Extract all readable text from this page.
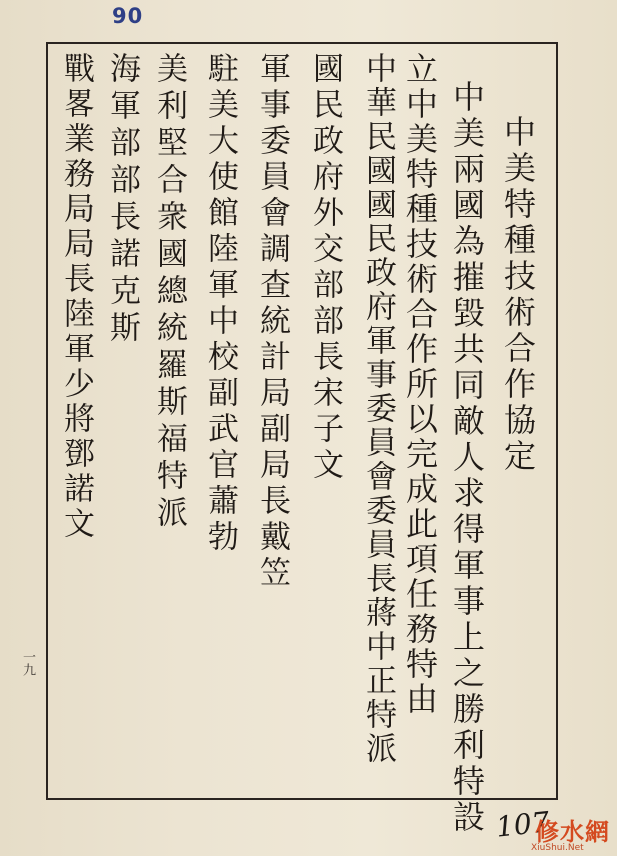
90
中美特種技術合作協定
中美兩國為摧毀共同敵人求得軍事上之勝利特設
立中美特種技術合作所以完成此項任務特由
中華民國國民政府軍事委員會委員長蔣中正特派
國民政府外交部部長宋子文
軍事委員會調查統計局副局長戴笠
駐美大使館陸軍中校副武官蕭勃
美利堅合衆國總統羅斯福特派
海軍部部長諾克斯
戰畧業務局局長陸軍少將鄧諾文
一九
107
修水網
XiuShui.Net
